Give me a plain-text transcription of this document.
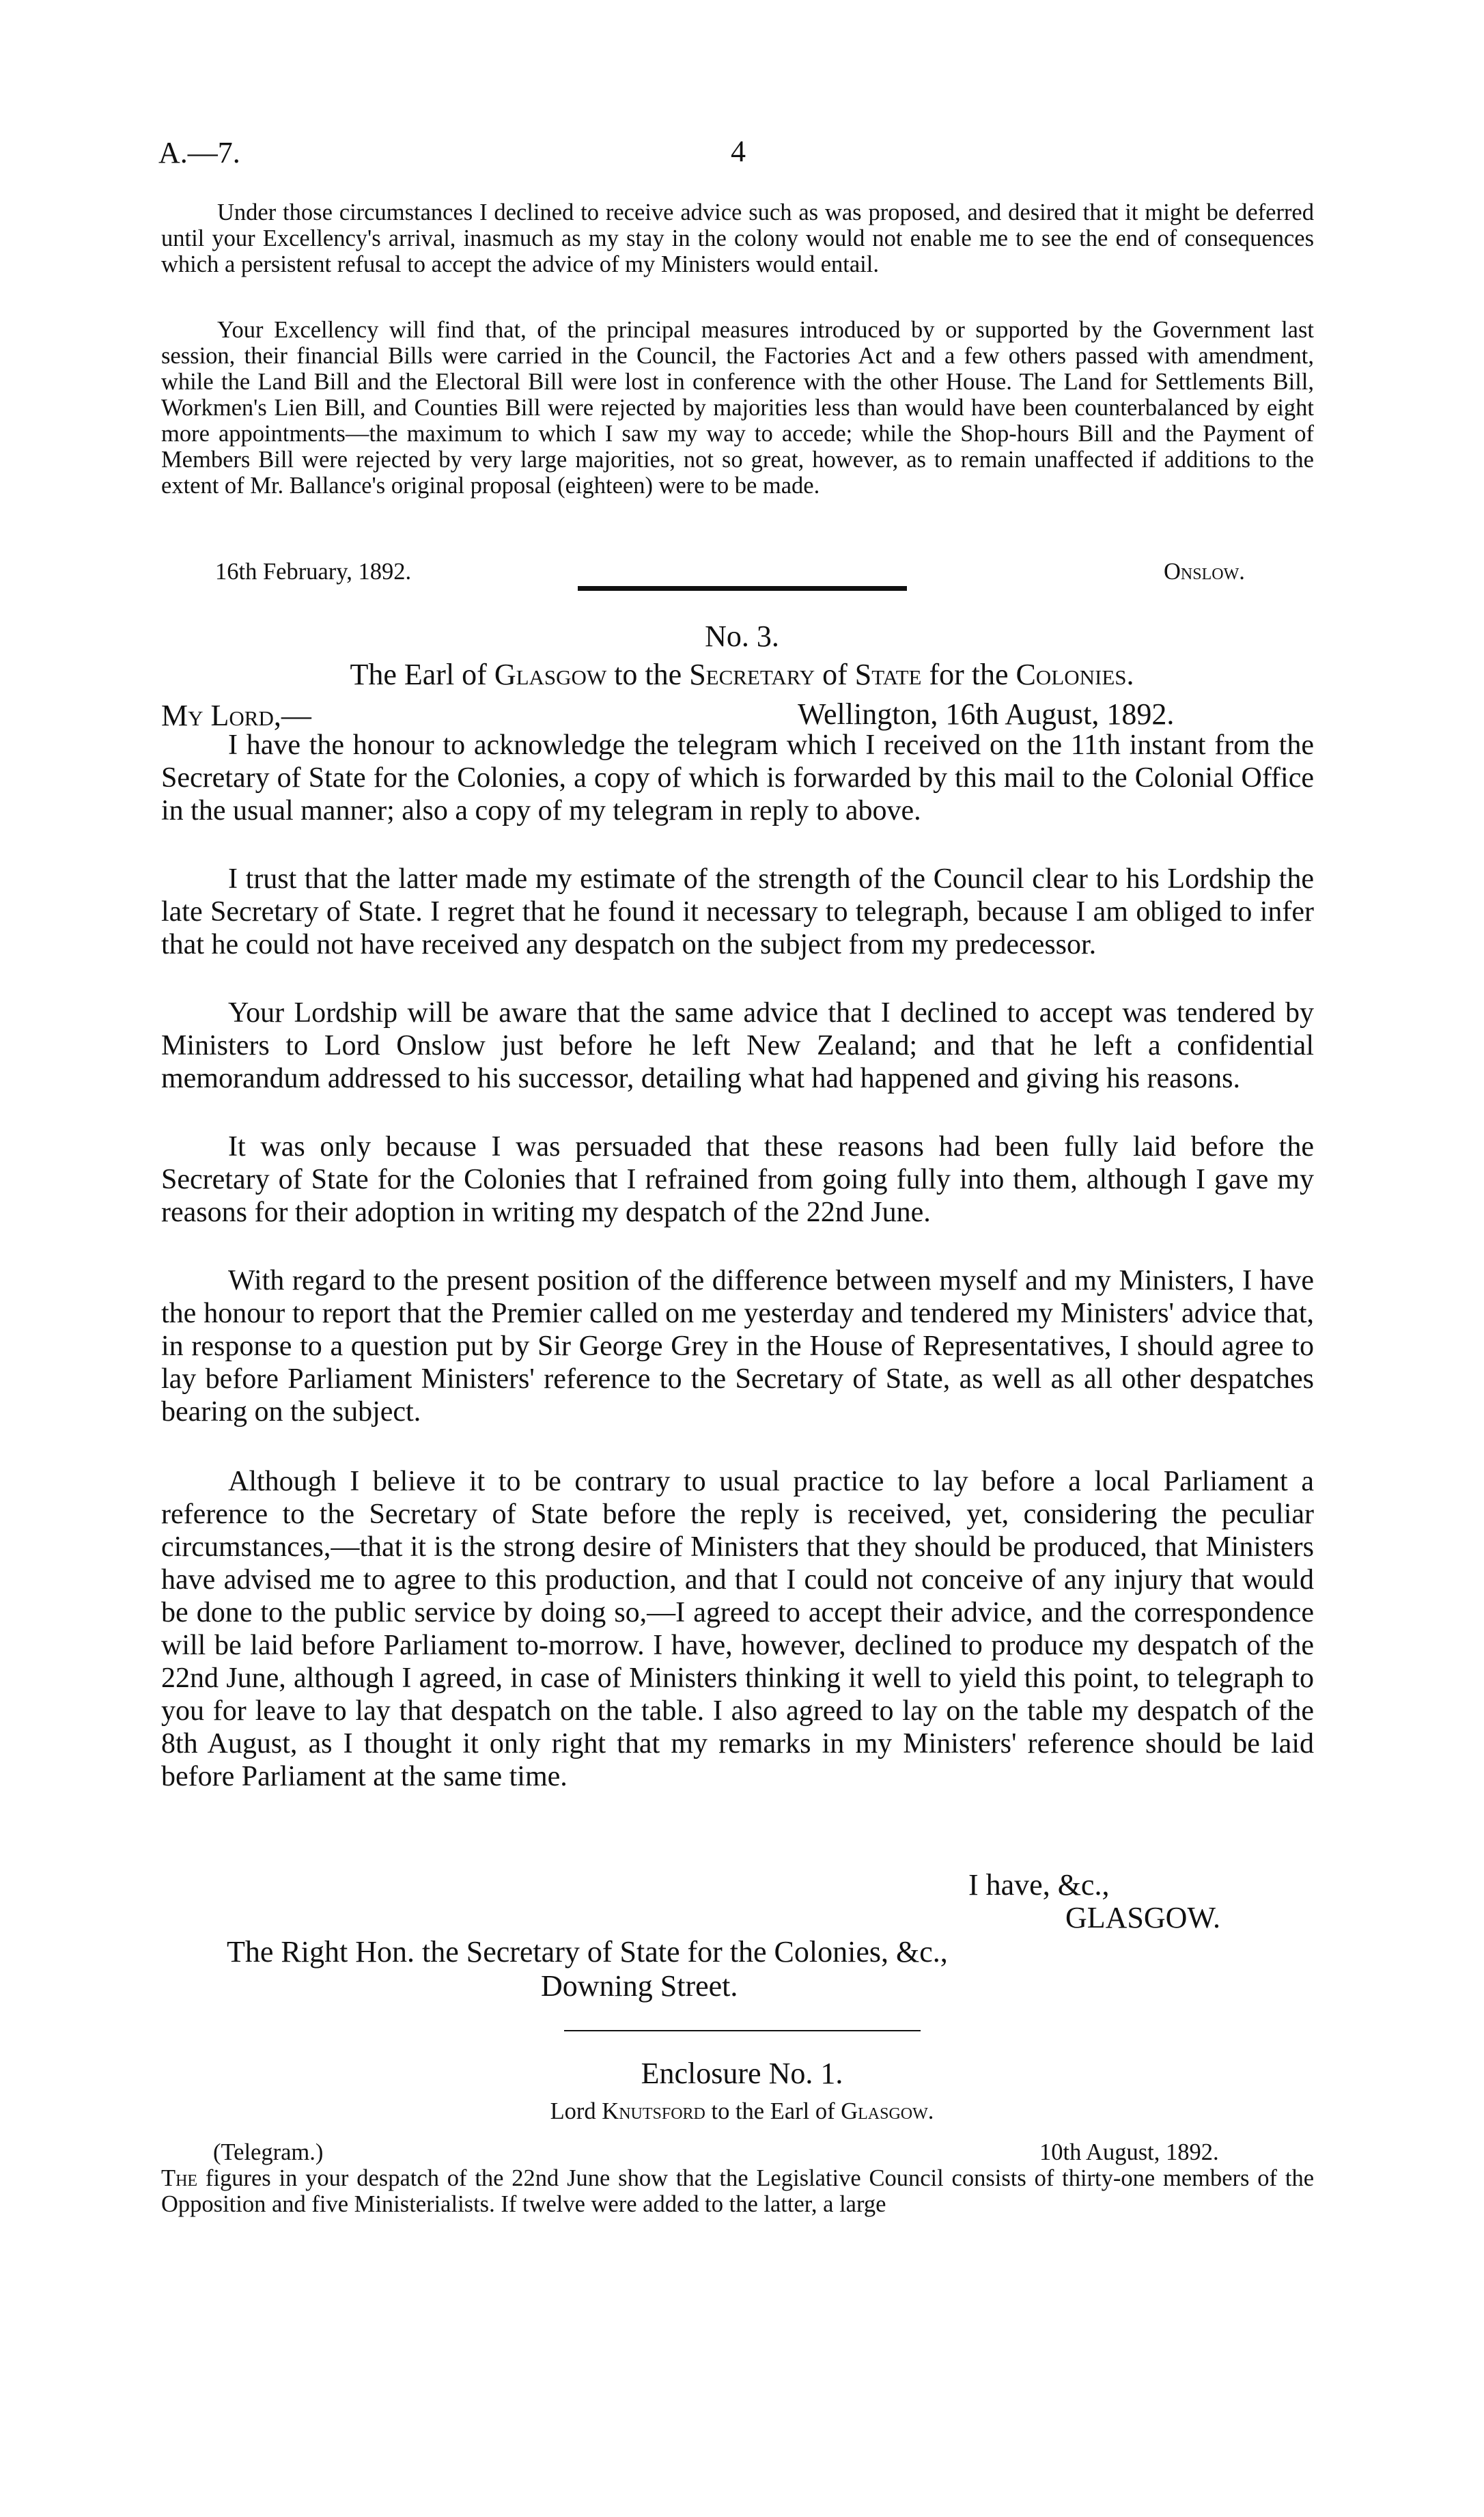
A.—7.	4

Under those circumstances I declined to receive advice such as was proposed, and desired that it might be deferred until your Excellency's arrival, inasmuch as my stay in the colony would not enable me to see the end of consequences which a persistent refusal to accept the advice of my Ministers would entail.

Your Excellency will find that, of the principal measures introduced by or supported by the Government last session, their financial Bills were carried in the Council, the Factories Act and a few others passed with amendment, while the Land Bill and the Electoral Bill were lost in conference with the other House. The Land for Settlements Bill, Workmen's Lien Bill, and Counties Bill were rejected by majorities less than would have been counterbalanced by eight more appointments—the maximum to which I saw my way to accede; while the Shop-hours Bill and the Payment of Members Bill were rejected by very large majorities, not so great, however, as to remain unaffected if additions to the extent of Mr. Ballance's original proposal (eighteen) were to be made.

16th February, 1892.	Onslow.
No. 3.
The Earl of Glasgow to the Secretary of State for the Colonies.
My Lord,—	Wellington, 16th August, 1892.

I have the honour to acknowledge the telegram which I received on the 11th instant from the Secretary of State for the Colonies, a copy of which is forwarded by this mail to the Colonial Office in the usual manner; also a copy of my telegram in reply to above.

I trust that the latter made my estimate of the strength of the Council clear to his Lordship the late Secretary of State. I regret that he found it necessary to telegraph, because I am obliged to infer that he could not have received any despatch on the subject from my predecessor.

Your Lordship will be aware that the same advice that I declined to accept was tendered by Ministers to Lord Onslow just before he left New Zealand; and that he left a confidential memorandum addressed to his successor, detailing what had happened and giving his reasons.

It was only because I was persuaded that these reasons had been fully laid before the Secretary of State for the Colonies that I refrained from going fully into them, although I gave my reasons for their adoption in writing my despatch of the 22nd June.

With regard to the present position of the difference between myself and my Ministers, I have the honour to report that the Premier called on me yesterday and tendered my Ministers' advice that, in response to a question put by Sir George Grey in the House of Representatives, I should agree to lay before Parliament Ministers' reference to the Secretary of State, as well as all other despatches bearing on the subject.

Although I believe it to be contrary to usual practice to lay before a local Parliament a reference to the Secretary of State before the reply is received, yet, considering the peculiar circumstances,—that it is the strong desire of Ministers that they should be produced, that Ministers have advised me to agree to this production, and that I could not conceive of any injury that would be done to the public service by doing so,—I agreed to accept their advice, and the correspondence will be laid before Parliament to-morrow. I have, however, declined to produce my despatch of the 22nd June, although I agreed, in case of Ministers thinking it well to yield this point, to telegraph to you for leave to lay that despatch on the table. I also agreed to lay on the table my despatch of the 8th August, as I thought it only right that my remarks in my Ministers' reference should be laid before Parliament at the same time.

I have, &c.,
GLASGOW.
The Right Hon. the Secretary of State for the Colonies, &c.,
Downing Street.
Enclosure No. 1.
Lord Knutsford to the Earl of Glasgow.
(Telegram.)	10th August, 1892.

The figures in your despatch of the 22nd June show that the Legislative Council consists of thirty-one members of the Opposition and five Ministerialists. If twelve were added to the latter, a large
